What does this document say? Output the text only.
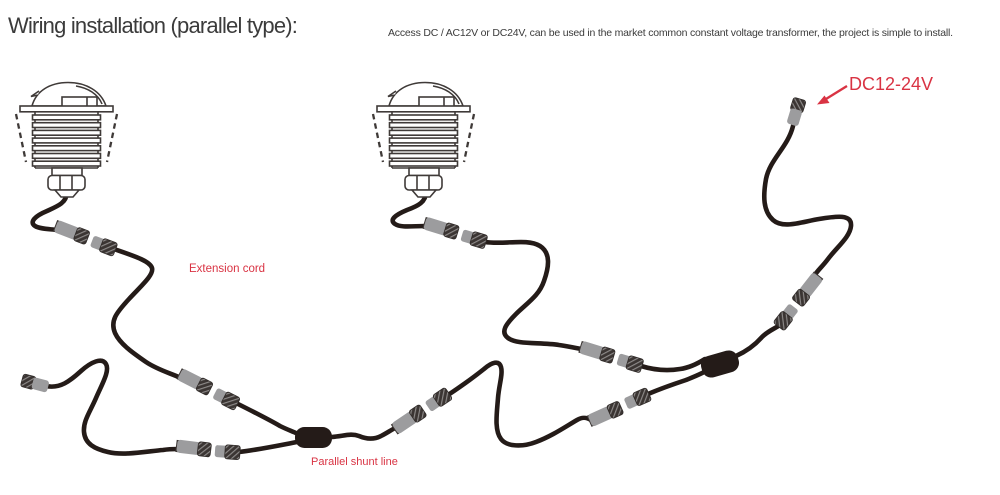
Wiring installation (parallel type):	Access DC / AC12V or DC24V, can be used in the market common constant voltage transformer, the project is simple to install.
DC12-24V
Extension cord
Parallel shunt line
